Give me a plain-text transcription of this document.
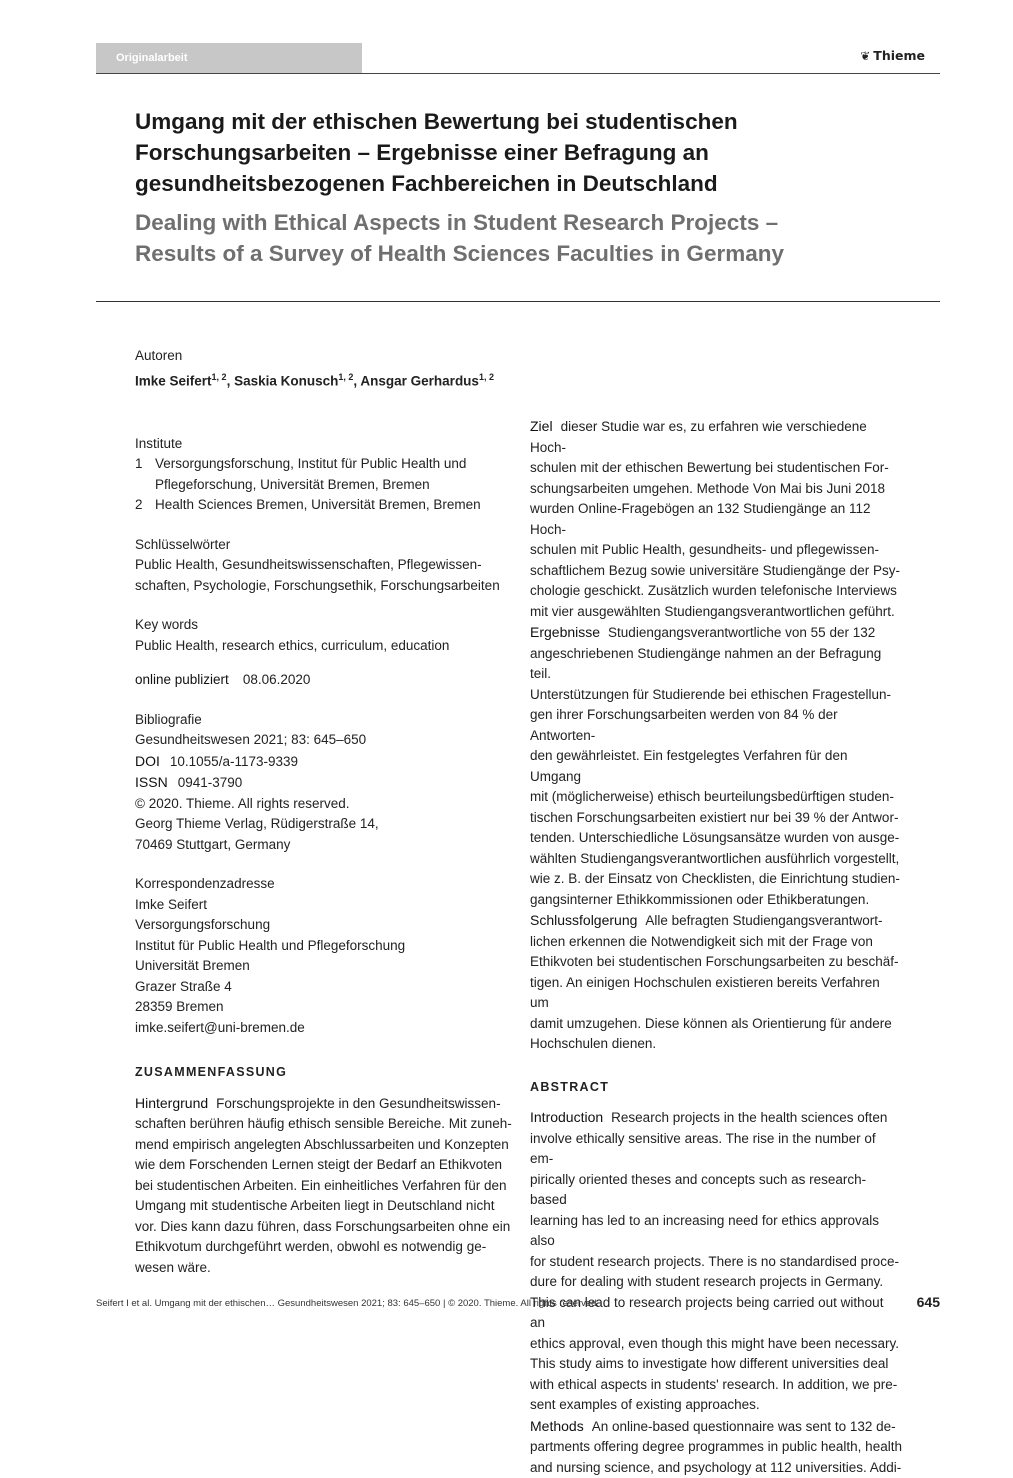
Originalarbeit	❦ Thieme
Umgang mit der ethischen Bewertung bei studentischen
Forschungsarbeiten – Ergebnisse einer Befragung an
gesundheitsbezogenen Fachbereichen in Deutschland
Dealing with Ethical Aspects in Student Research Projects –
Results of a Survey of Health Sciences Faculties in Germany

Autoren

Imke Seifert$^{1, 2}$, Saskia Konusch$^{1, 2}$, Ansgar Gerhardus$^{1, 2}$

Institute

1 Versorgungsforschung, Institut für Public Health und
Pflegeforschung, Universität Bremen, Bremen
2 Health Sciences Bremen, Universität Bremen, Bremen

Schlüsselwörter

Public Health, Gesundheitswissenschaften, Pflegewissen-
schaften, Psychologie, Forschungsethik, Forschungsarbeiten

Key words

Public Health, research ethics, curriculum, education

online publiziert 08.06.2020

Bibliografie

Gesundheitswesen 2021; 83: 645–650

DOI 10.1055/a-1173-9339

ISSN 0941-3790

© 2020. Thieme. All rights reserved.

Georg Thieme Verlag, Rüdigerstraße 14,
70469 Stuttgart, Germany

Korrespondenzadresse

Imke Seifert
Versorgungsforschung
Institut für Public Health und Pflegeforschung
Universität Bremen
Grazer Straße 4
28359 Bremen
imke.seifert@uni-bremen.de

ZUSAMMENFASSUNG

Hintergrund Forschungsprojekte in den Gesundheitswissen-
schaften berühren häufig ethisch sensible Bereiche. Mit zuneh-
mend empirisch angelegten Abschlussarbeiten und Konzepten
wie dem Forschenden Lernen steigt der Bedarf an Ethikvoten
bei studentischen Arbeiten. Ein einheitliches Verfahren für den
Umgang mit studentische Arbeiten liegt in Deutschland nicht
vor. Dies kann dazu führen, dass Forschungsarbeiten ohne ein
Ethikvotum durchgeführt werden, obwohl es notwendig ge-
wesen wäre.
Ziel dieser Studie war es, zu erfahren wie verschiedene Hoch-
schulen mit der ethischen Bewertung bei studentischen For-
schungsarbeiten umgehen. Methode Von Mai bis Juni 2018
wurden Online-Fragebögen an 132 Studiengänge an 112 Hoch-
schulen mit Public Health, gesundheits- und pflegewissen-
schaftlichem Bezug sowie universitäre Studiengänge der Psy-
chologie geschickt. Zusätzlich wurden telefonische Interviews
mit vier ausgewählten Studiengangsverantwortlichen geführt.
Ergebnisse Studiengangsverantwortliche von 55 der 132
angeschriebenen Studiengänge nahmen an der Befragung teil.
Unterstützungen für Studierende bei ethischen Fragestellun-
gen ihrer Forschungsarbeiten werden von 84 % der Antworten-
den gewährleistet. Ein festgelegtes Verfahren für den Umgang
mit (möglicherweise) ethisch beurteilungsbedürftigen studen-
tischen Forschungsarbeiten existiert nur bei 39 % der Antwor-
tenden. Unterschiedliche Lösungsansätze wurden von ausge-
wählten Studiengangsverantwortlichen ausführlich vorgestellt,
wie z. B. der Einsatz von Checklisten, die Einrichtung studien-
gangsinterner Ethikkommissionen oder Ethikberatungen.
Schlussfolgerung Alle befragten Studiengangsverantwort-
lichen erkennen die Notwendigkeit sich mit der Frage von
Ethikvoten bei studentischen Forschungsarbeiten zu beschäf-
tigen. An einigen Hochschulen existieren bereits Verfahren um
damit umzugehen. Diese können als Orientierung für andere
Hochschulen dienen.

ABSTRACT

Introduction Research projects in the health sciences often
involve ethically sensitive areas. The rise in the number of em-
pirically oriented theses and concepts such as research-based
learning has led to an increasing need for ethics approvals also
for student research projects. There is no standardised proce-
dure for dealing with student research projects in Germany.
This can lead to research projects being carried out without an
ethics approval, even though this might have been necessary.
This study aims to investigate how different universities deal
with ethical aspects in students' research. In addition, we pre-
sent examples of existing approaches.
Methods An online-based questionnaire was sent to 132 de-
partments offering degree programmes in public health, health
and nursing science, and psychology at 112 universities. Addi-
Seifert I et al. Umgang mit der ethischen… Gesundheitswesen 2021; 83: 645–650 | © 2020. Thieme. All rights reserved.	645
